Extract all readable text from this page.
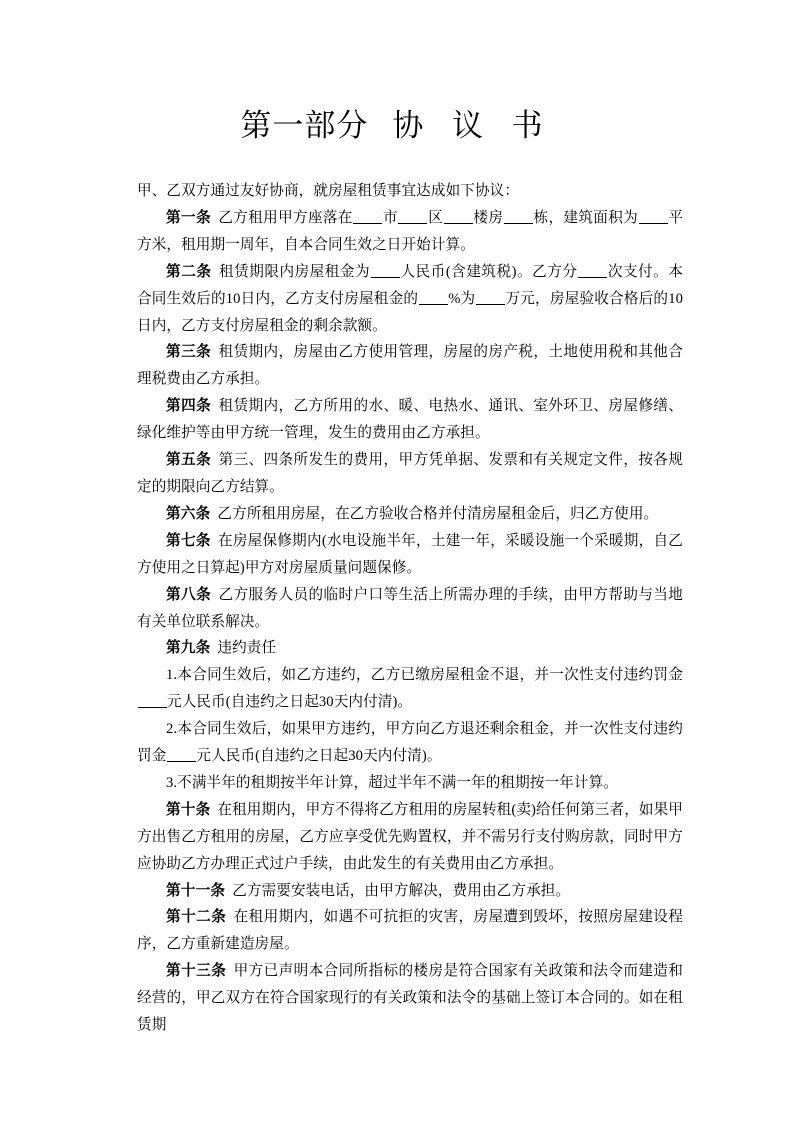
第一部分 协 议 书

甲、乙双方通过友好协商，就房屋租赁事宜达成如下协议：

第一条 乙方租用甲方座落在 市 区 楼房 栋，建筑面积为 平方米，租用期一周年，自本合同生效之日开始计算。

第二条 租赁期限内房屋租金为 人民币(含建筑税)。乙方分 次支付。本合同生效后的10日内，乙方支付房屋租金的 %为 万元，房屋验收合格后的10日内，乙方支付房屋租金的剩余款额。

第三条 租赁期内，房屋由乙方使用管理，房屋的房产税，土地使用税和其他合理税费由乙方承担。

第四条 租赁期内，乙方所用的水、暖、电热水、通讯、室外环卫、房屋修缮、绿化维护等由甲方统一管理，发生的费用由乙方承担。

第五条 第三、四条所发生的费用，甲方凭单据、发票和有关规定文件，按各规定的期限向乙方结算。

第六条 乙方所租用房屋，在乙方验收合格并付清房屋租金后，归乙方使用。

第七条 在房屋保修期内(水电设施半年，土建一年，采暖设施一个采暖期，自乙方使用之日算起)甲方对房屋质量问题保修。

第八条 乙方服务人员的临时户口等生活上所需办理的手续，由甲方帮助与当地有关单位联系解决。

第九条 违约责任

1.本合同生效后，如乙方违约，乙方已缴房屋租金不退，并一次性支付违约罚金元人民币(自违约之日起30天内付清)。

2.本合同生效后，如果甲方违约，甲方向乙方退还剩余租金，并一次性支付违约罚金 元人民币(自违约之日起30天内付清)。

3.不满半年的租期按半年计算，超过半年不满一年的租期按一年计算。

第十条 在租用期内，甲方不得将乙方租用的房屋转租(卖)给任何第三者，如果甲方出售乙方租用的房屋，乙方应享受优先购置权，并不需另行支付购房款，同时甲方应协助乙方办理正式过户手续，由此发生的有关费用由乙方承担。

第十一条 乙方需要安装电话，由甲方解决，费用由乙方承担。

第十二条 在租用期内，如遇不可抗拒的灾害，房屋遭到毁坏，按照房屋建设程序，乙方重新建造房屋。

第十三条 甲方已声明本合同所指标的楼房是符合国家有关政策和法令而建造和经营的，甲乙双方在符合国家现行的有关政策和法令的基础上签订本合同的。如在租赁期
